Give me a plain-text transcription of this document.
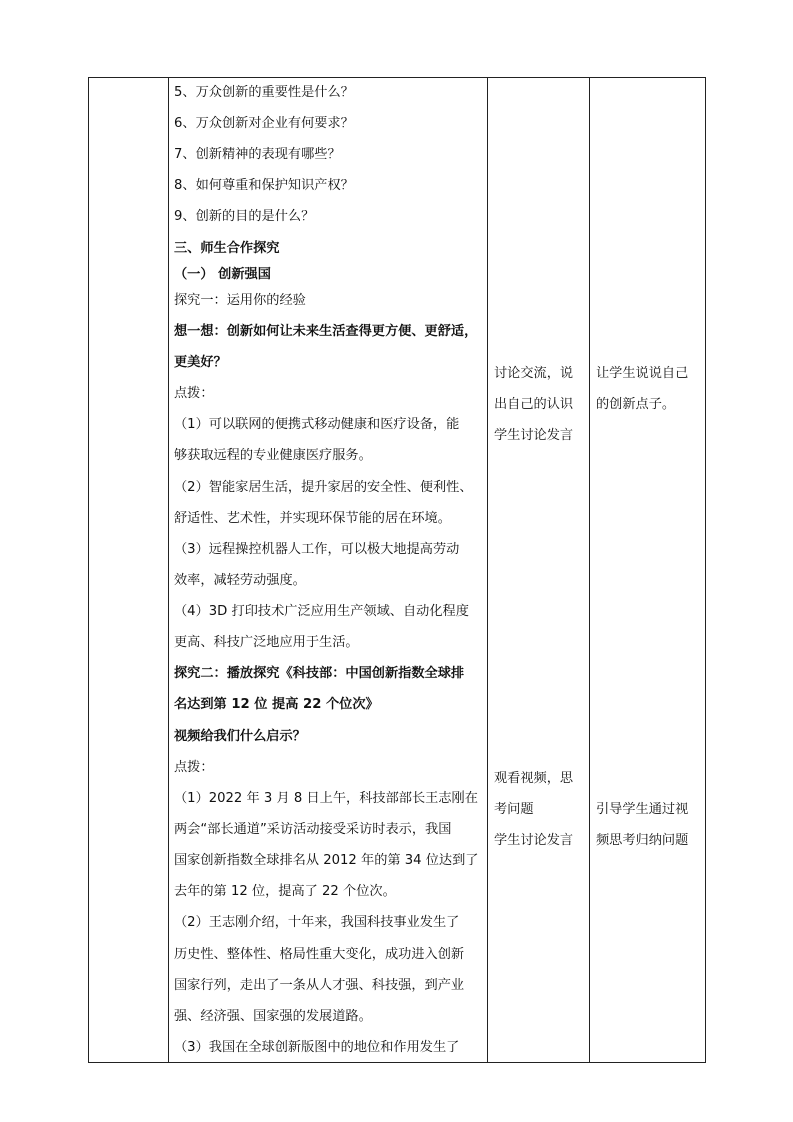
5、万众创新的重要性是什么？
6、万众创新对企业有何要求？
7、创新精神的表现有哪些？
8、如何尊重和保护知识产权？
9、创新的目的是什么？
三、师生合作探究
（一） 创新强国
探究一：运用你的经验
想一想：创新如何让未来生活查得更方便、更舒适，
更美好？
点拨：
（1）可以联网的便携式移动健康和医疗设备，能
够获取远程的专业健康医疗服务。
（2）智能家居生活，提升家居的安全性、便利性、
舒适性、艺术性，并实现环保节能的居在环境。
（3）远程操控机器人工作，可以极大地提高劳动
效率，减轻劳动强度。
（4）3D 打印技术广泛应用生产领域、自动化程度
更高、科技广泛地应用于生活。
探究二：播放探究《科技部：中国创新指数全球排
名达到第 12 位 提高 22 个位次》
视频给我们什么启示？
点拨：
（1）2022 年 3 月 8 日上午，科技部部长王志刚在
两会“部长通道”采访活动接受采访时表示，我国
国家创新指数全球排名从 2012 年的第 34 位达到了
去年的第 12 位，提高了 22 个位次。
（2）王志刚介绍，十年来，我国科技事业发生了
历史性、整体性、格局性重大变化，成功进入创新
国家行列，走出了一条从人才强、科技强，到产业
强、经济强、国家强的发展道路。
（3）我国在全球创新版图中的地位和作用发生了
讨论交流，说
出自己的认识
学生讨论发言
观看视频，思
考问题
学生讨论发言
让学生说说自己
的创新点子。
引导学生通过视
频思考归纳问题
